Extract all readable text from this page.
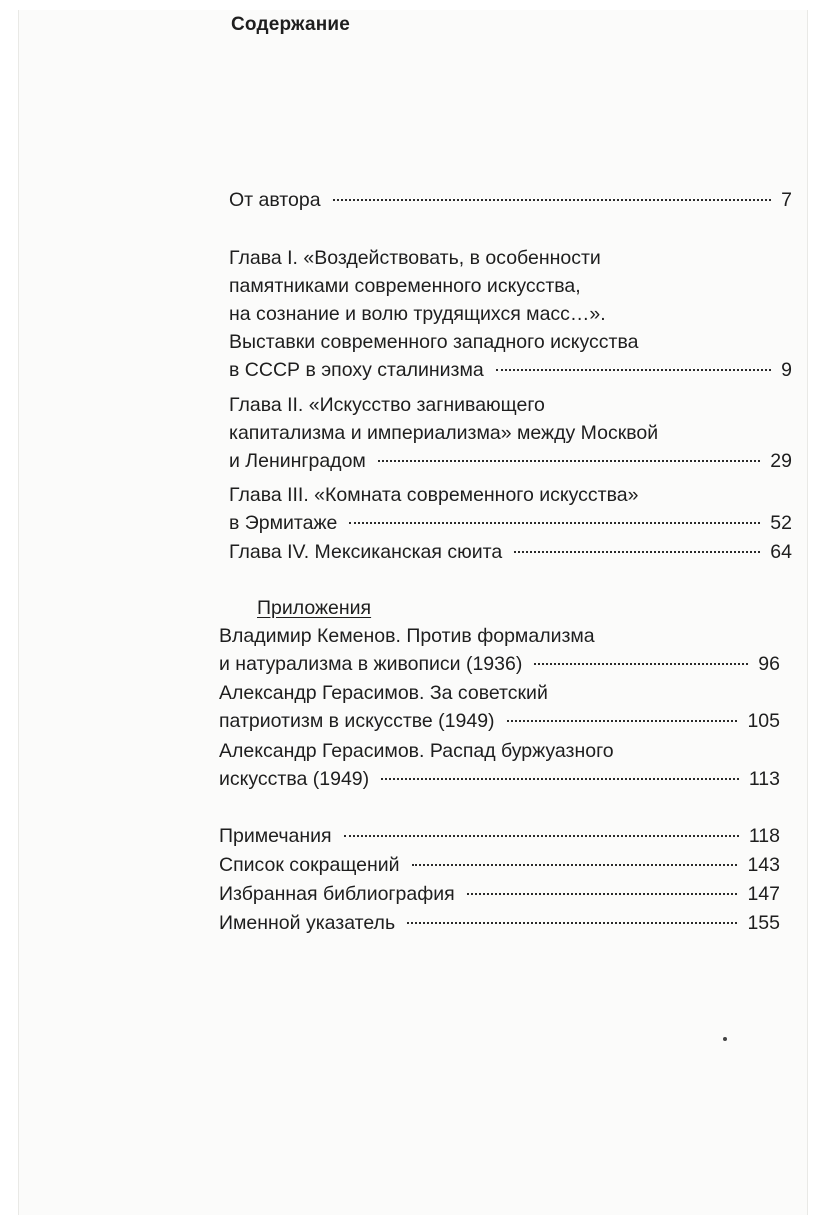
Содержание
От автора	7
Глава I. «Воздействовать, в особенности
памятниками современного искусства,
на сознание и волю трудящихся масс…».
Выставки современного западного искусства
в СССР в эпоху сталинизма	9
Глава II. «Искусство загнивающего
капитализма и империализма» между Москвой
и Ленинградом	29
Глава III. «Комната современного искусства»
в Эрмитаже	52
Глава IV. Мексиканская сюита	64
Владимир Кеменов. Против формализма
и натурализма в живописи (1936)	96
Александр Герасимов. За советский
патриотизм в искусстве (1949)	105
Александр Герасимов. Распад буржуазного
искусства (1949)	113
Примечания	118
Список сокращений	143
Избранная библиография	147
Именной указатель	155
Приложения
